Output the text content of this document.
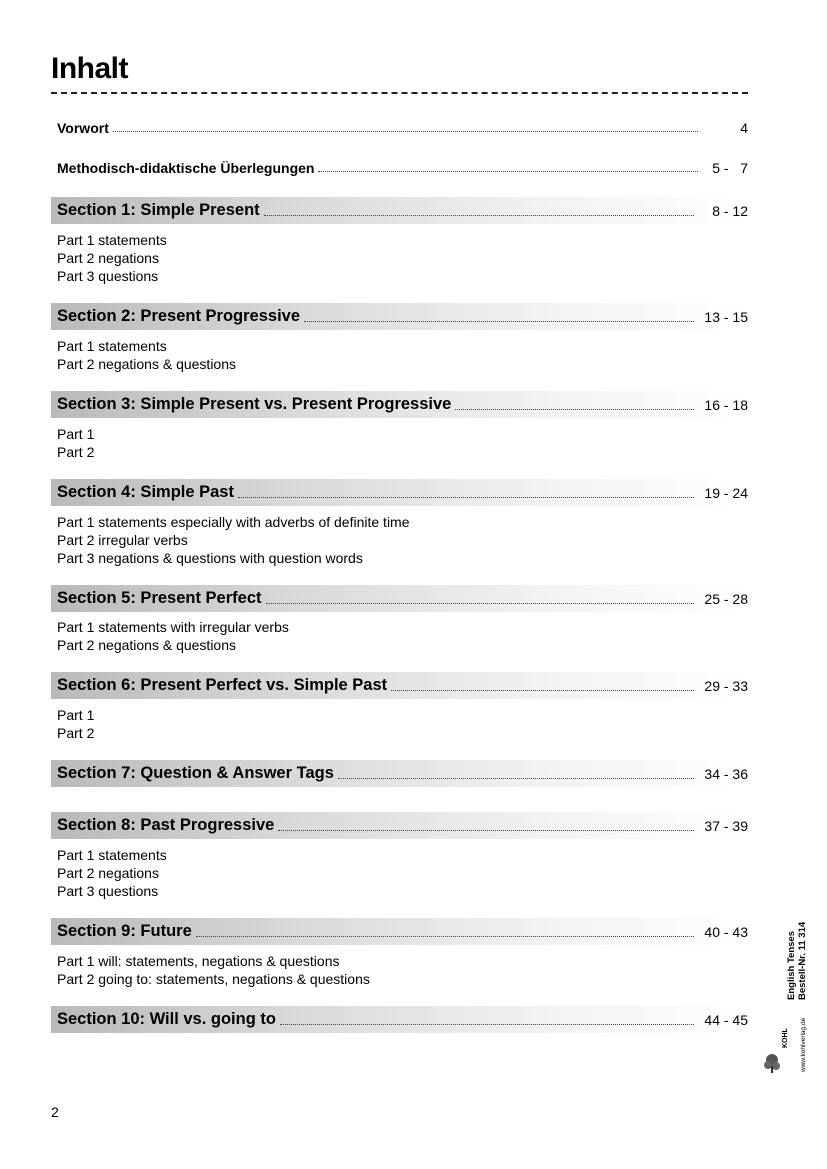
Inhalt
Vorwort	4
Methodisch-didaktische Überlegungen	5 -   7
Section 1: Simple Present	8 - 12
Part 1 statements
Part 2 negations
Part 3 questions
Section 2: Present Progressive	13 - 15
Part 1 statements
Part 2 negations & questions
Section 3: Simple Present vs. Present Progressive	16 - 18
Part 1
Part 2
Section 4: Simple Past	19 - 24
Part 1 statements especially with adverbs of definite time
Part 2 irregular verbs
Part 3 negations & questions with question words
Section 5: Present Perfect	25 - 28
Part 1 statements with irregular verbs
Part 2 negations & questions
Section 6: Present Perfect vs. Simple Past	29 - 33
Part 1
Part 2
Section 7: Question & Answer Tags	34 - 36
Section 8: Past Progressive	37 - 39
Part 1 statements
Part 2 negations
Part 3 questions
Section 9: Future	40 - 43
Part 1 will: statements, negations & questions
Part 2 going to: statements, negations & questions
Section 10: Will vs. going to	44 - 45
English Tenses Bestell-Nr. 11 314
KOHL www.kohlverlag.de
2
